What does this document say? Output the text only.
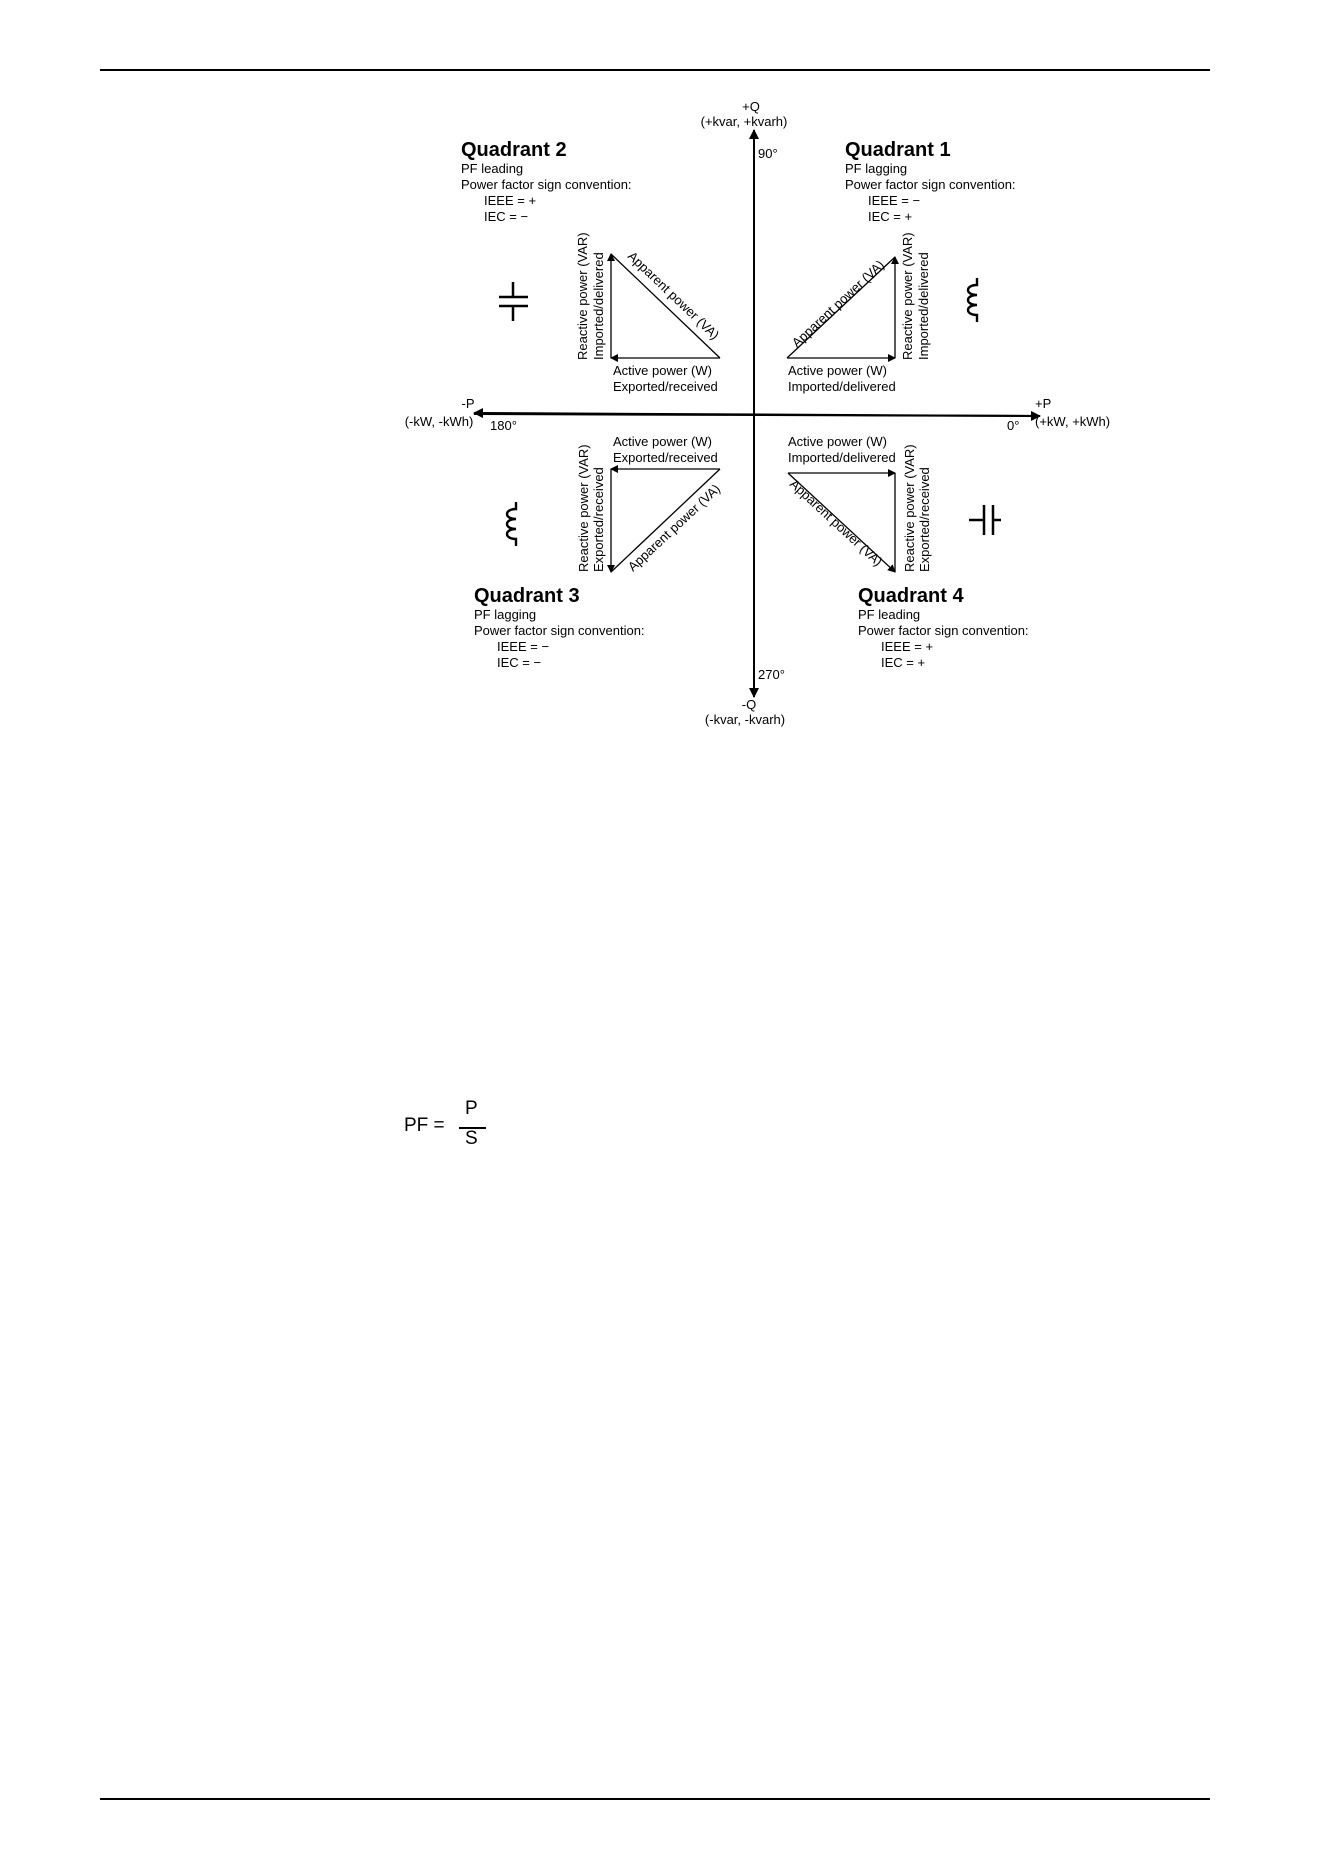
+Q
(+kvar, +kvarh)
90°
-Q
(-kvar, -kvarh)
270°
+P
(+kW, +kWh)
0°
-P
(-kW, -kWh) 180°
Quadrant 2
PF leading
Power factor sign convention:
IEEE = +
IEC = −
Active power (W)
Exported/received
Reactive power (VAR) Imported/delivered Apparent power (VA)
Quadrant 1
PF lagging
Power factor sign convention:
IEEE = −
IEC = +
Active power (W)
Imported/delivered
Reactive power (VAR) Imported/delivered
Apparent power (VA)
Active power (W)
Exported/received
Reactive power (VAR) Exported/received Apparent power (VA)
Quadrant 3
PF lagging
Power factor sign convention:
IEEE = −
IEC = −
Active power (W)
Imported/delivered Reactive power (VAR) Exported/received
Apparent power (VA)
Quadrant 4
PF leading
Power factor sign convention:
IEEE = +
IEC = +
PF =
P
S
